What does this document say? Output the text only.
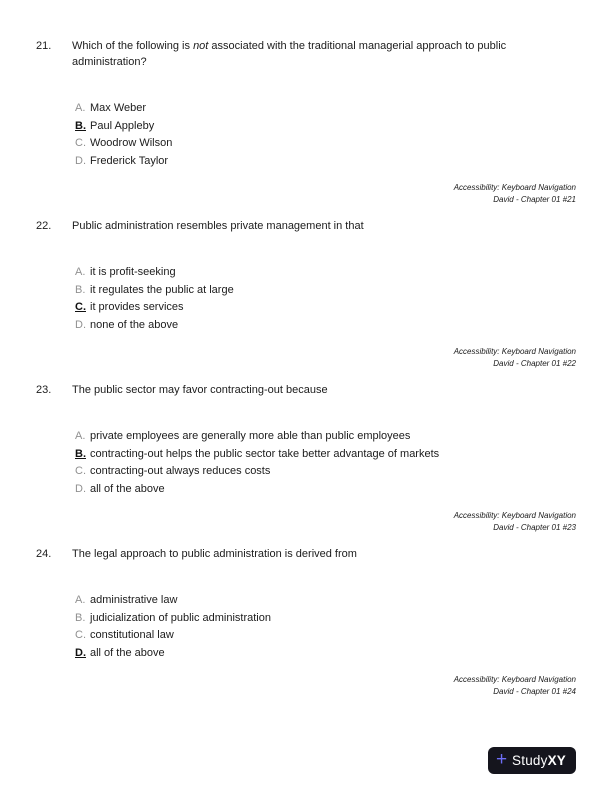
21.	Which of the following is not associated with the traditional managerial approach to public administration?
A. Max Weber
B. Paul Appleby
C. Woodrow Wilson
D. Frederick Taylor
Accessibility: Keyboard Navigation
David - Chapter 01 #21
22.	Public administration resembles private management in that
A. it is profit-seeking
B. it regulates the public at large
C. it provides services
D. none of the above
Accessibility: Keyboard Navigation
David - Chapter 01 #22
23.	The public sector may favor contracting-out because
A. private employees are generally more able than public employees
B. contracting-out helps the public sector take better advantage of markets
C. contracting-out always reduces costs
D. all of the above
Accessibility: Keyboard Navigation
David - Chapter 01 #23
24.	The legal approach to public administration is derived from
A. administrative law
B. judicialization of public administration
C. constitutional law
D. all of the above
Accessibility: Keyboard Navigation
David - Chapter 01 #24
+ StudyXY
